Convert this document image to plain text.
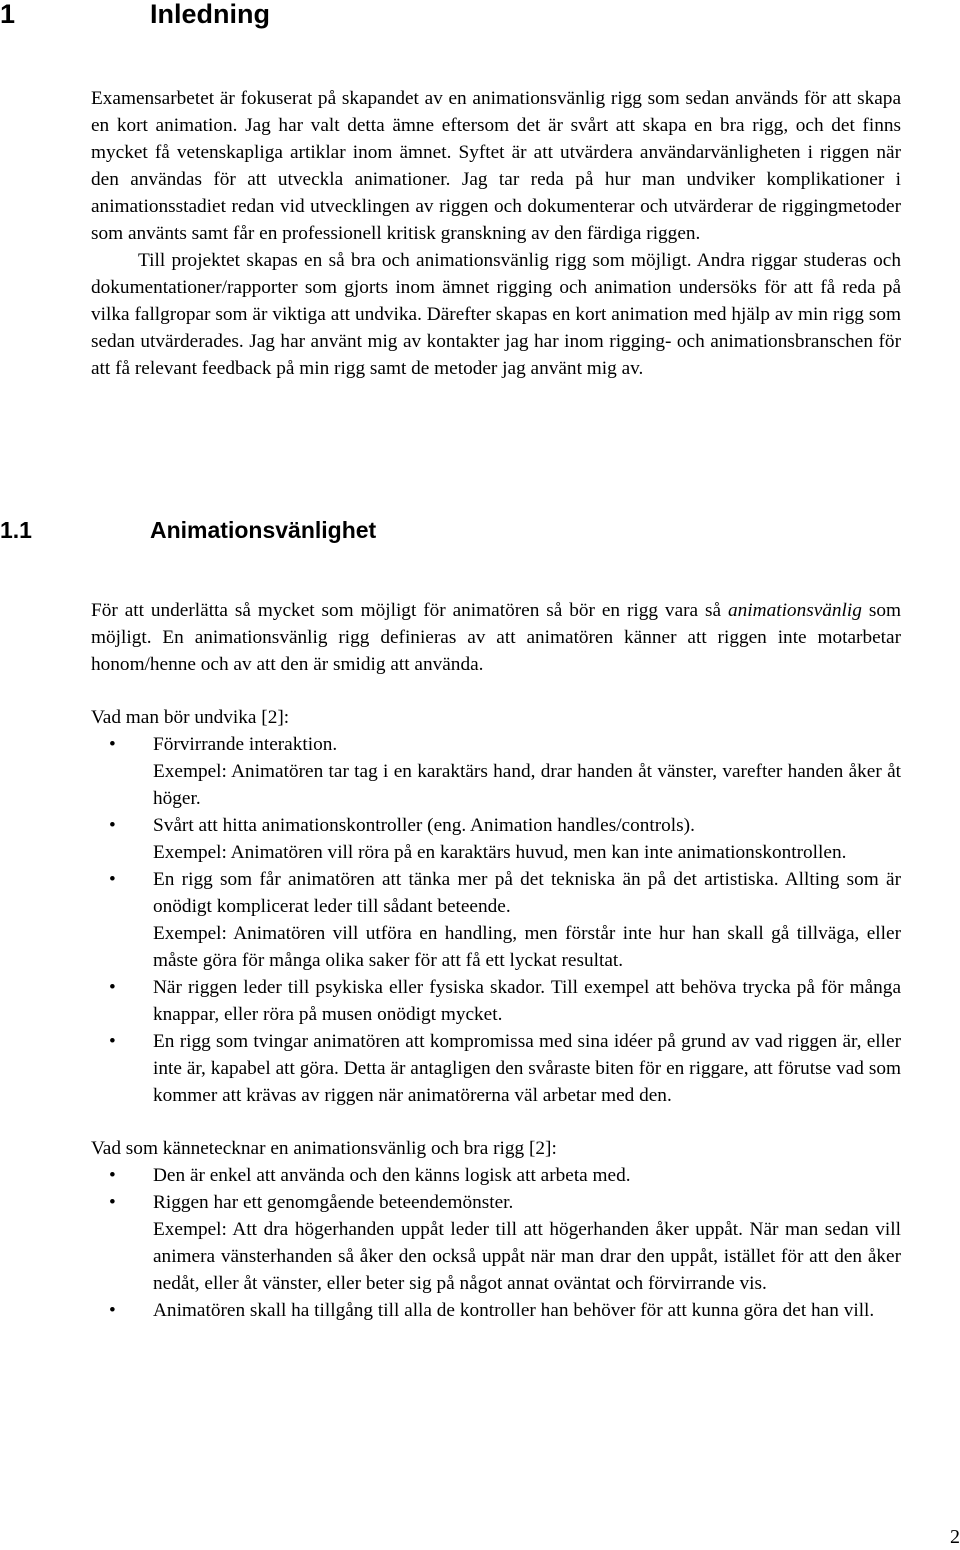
1	Inledning

Examensarbetet är fokuserat på skapandet av en animationsvänlig rigg som sedan används för att skapa en kort animation. Jag har valt detta ämne eftersom det är svårt att skapa en bra rigg, och det finns mycket få vetenskapliga artiklar inom ämnet. Syftet är att utvärdera användarvänligheten i riggen när den användas för att utveckla animationer. Jag tar reda på hur man undviker komplikationer i animationsstadiet redan vid utvecklingen av riggen och dokumenterar och utvärderar de riggingmetoder som använts samt får en professionell kritisk granskning av den färdiga riggen.

Till projektet skapas en så bra och animationsvänlig rigg som möjligt. Andra riggar studeras och dokumentationer/rapporter som gjorts inom ämnet rigging och animation undersöks för att få reda på vilka fallgropar som är viktiga att undvika. Därefter skapas en kort animation med hjälp av min rigg som sedan utvärderades. Jag har använt mig av kontakter jag har inom rigging- och animationsbranschen för att få relevant feedback på min rigg samt de metoder jag använt mig av.

1.1	Animationsvänlighet

För att underlätta så mycket som möjligt för animatören så bör en rigg vara så animationsvänlig som möjligt. En animationsvänlig rigg definieras av att animatören känner att riggen inte motarbetar honom/henne och av att den är smidig att använda.

Vad man bör undvika [2]:

• Förvirrande interaktion.
Exempel: Animatören tar tag i en karaktärs hand, drar handen åt vänster, varefter handen åker åt höger.
• Svårt att hitta animationskontroller (eng. Animation handles/controls).
Exempel: Animatören vill röra på en karaktärs huvud, men kan inte animationskontrollen.
• En rigg som får animatören att tänka mer på det tekniska än på det artistiska. Allting som är onödigt komplicerat leder till sådant beteende.
Exempel: Animatören vill utföra en handling, men förstår inte hur han skall gå tillväga, eller måste göra för många olika saker för att få ett lyckat resultat.
• När riggen leder till psykiska eller fysiska skador. Till exempel att behöva trycka på för många knappar, eller röra på musen onödigt mycket.
• En rigg som tvingar animatören att kompromissa med sina idéer på grund av vad riggen är, eller inte är, kapabel att göra. Detta är antagligen den svåraste biten för en riggare, att förutse vad som kommer att krävas av riggen när animatörerna väl arbetar med den.

Vad som kännetecknar en animationsvänlig och bra rigg [2]:

• Den är enkel att använda och den känns logisk att arbeta med.
• Riggen har ett genomgående beteendemönster.
Exempel: Att dra högerhanden uppåt leder till att högerhanden åker uppåt. När man sedan vill animera vänsterhanden så åker den också uppåt när man drar den uppåt, istället för att den åker nedåt, eller åt vänster, eller beter sig på något annat oväntat och förvirrande vis.
• Animatören skall ha tillgång till alla de kontroller han behöver för att kunna göra det han vill.
2
